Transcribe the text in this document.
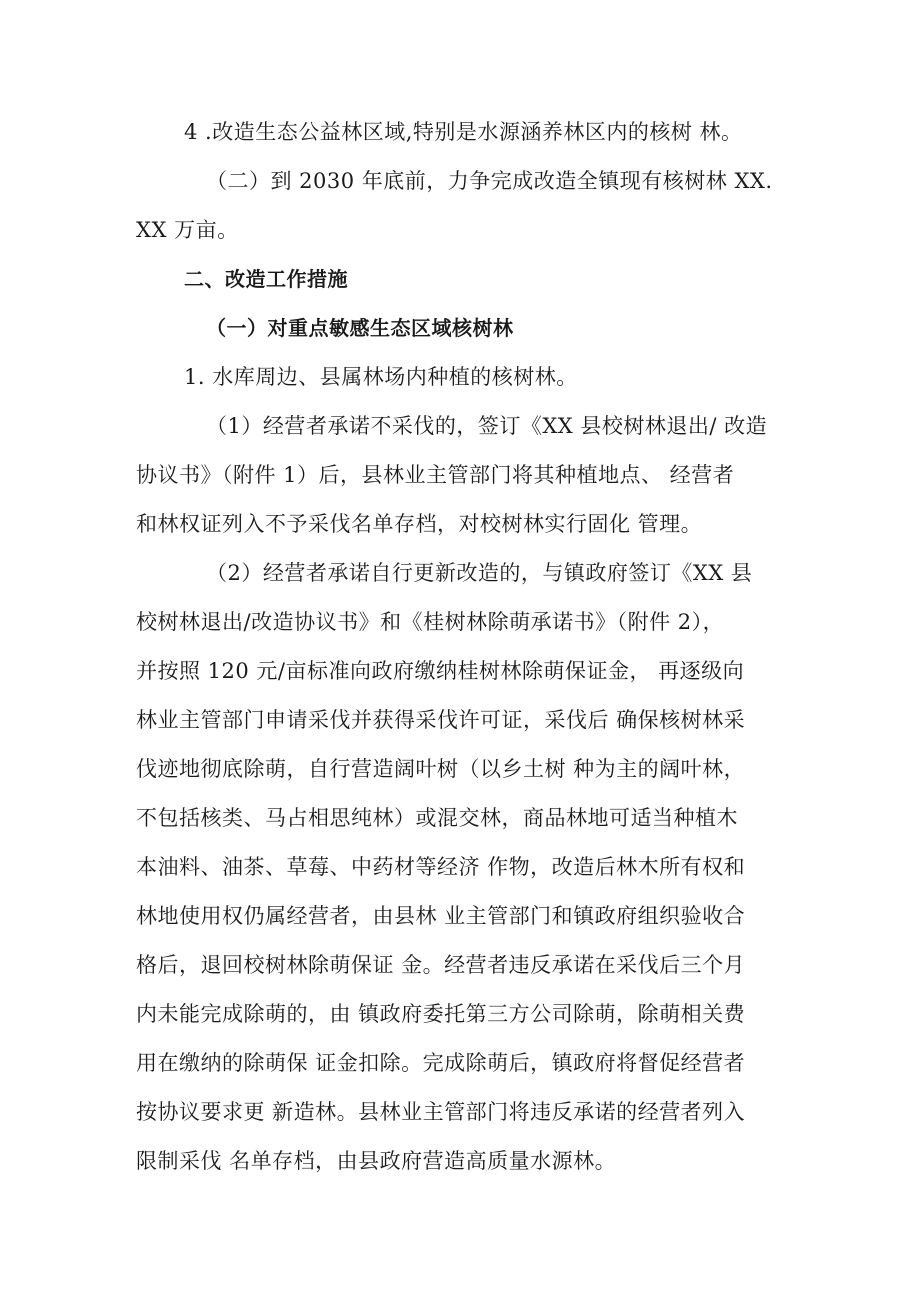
4 .改造生态公益林区域,特别是水源涵养林区内的核树 林。
（二）到 2030 年底前，力争完成改造全镇现有核树林 XX.
XX 万亩。
二、改造工作措施
（一）对重点敏感生态区域核树林
1. 水库周边、县属林场内种植的核树林。
（1）经营者承诺不采伐的，签订《XX 县校树林退出/ 改造
协议书》（附件 1）后，县林业主管部门将其种植地点、 经营者
和林权证列入不予采伐名单存档，对校树林实行固化 管理。
（2）经营者承诺自行更新改造的，与镇政府签订《XX 县
校树林退出/改造协议书》和《桂树林除萌承诺书》（附件 2），
并按照 120 元/亩标准向政府缴纳桂树林除萌保证金， 再逐级向
林业主管部门申请采伐并获得采伐许可证，采伐后 确保核树林采
伐迹地彻底除萌，自行营造阔叶树（以乡土树 种为主的阔叶林，
不包括核类、马占相思纯林）或混交林，商品林地可适当种植木
本油料、油茶、草莓、中药材等经济 作物，改造后林木所有权和
林地使用权仍属经营者，由县林 业主管部门和镇政府组织验收合
格后，退回校树林除萌保证 金。经营者违反承诺在采伐后三个月
内未能完成除萌的，由 镇政府委托第三方公司除萌，除萌相关费
用在缴纳的除萌保 证金扣除。完成除萌后，镇政府将督促经营者
按协议要求更 新造林。县林业主管部门将违反承诺的经营者列入
限制采伐 名单存档，由县政府营造高质量水源林。
